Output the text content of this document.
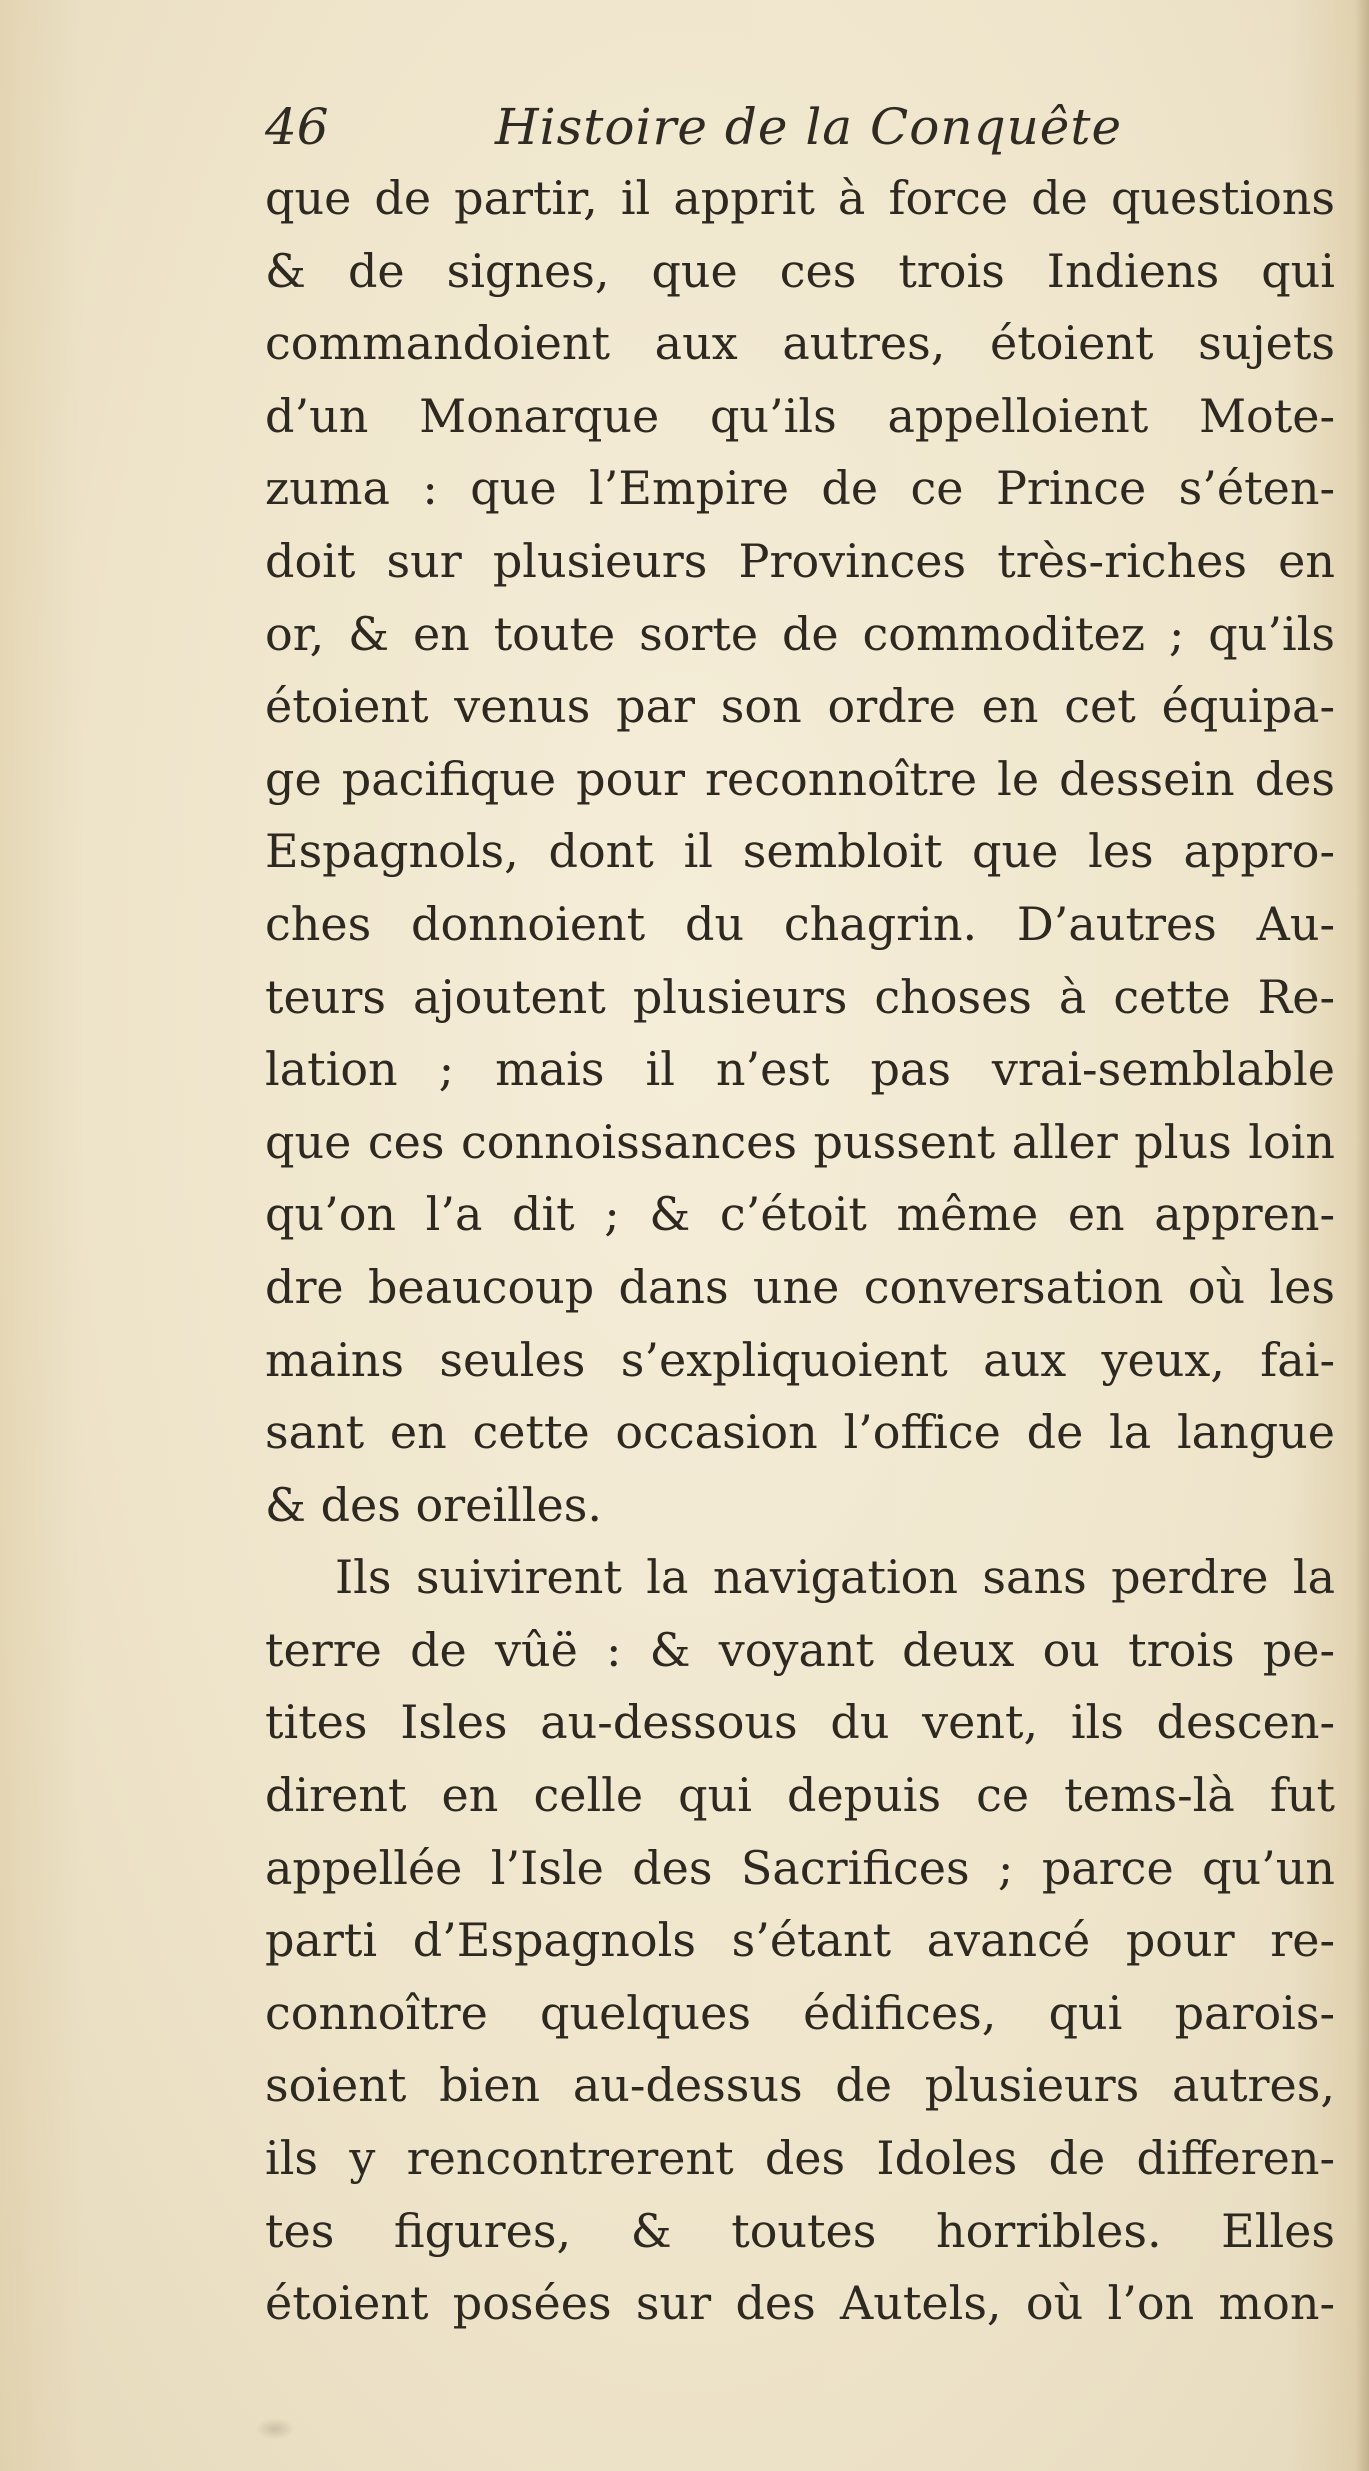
46	Histoire de la Conquête
que de partir, il apprit à force de questions
& de signes, que ces trois Indiens qui
commandoient aux autres, étoient sujets
d’un Monarque qu’ils appelloient Mote-
zuma : que l’Empire de ce Prince s’éten-
doit sur plusieurs Provinces très-riches en
or, & en toute sorte de commoditez ; qu’ils
étoient venus par son ordre en cet équipa-
ge pacifique pour reconnoître le dessein des
Espagnols, dont il sembloit que les appro-
ches donnoient du chagrin. D’autres Au-
teurs ajoutent plusieurs choses à cette Re-
lation ; mais il n’est pas vrai-semblable
que ces connoissances pussent aller plus loin
qu’on l’a dit ; & c’étoit même en appren-
dre beaucoup dans une conversation où les
mains seules s’expliquoient aux yeux, fai-
sant en cette occasion l’office de la langue
& des oreilles.
Ils suivirent la navigation sans perdre la
terre de vûë : & voyant deux ou trois pe-
tites Isles au-dessous du vent, ils descen-
dirent en celle qui depuis ce tems-là fut
appellée l’Isle des Sacrifices ; parce qu’un
parti d’Espagnols s’étant avancé pour re-
connoître quelques édifices, qui parois-
soient bien au-dessus de plusieurs autres,
ils y rencontrerent des Idoles de differen-
tes figures, & toutes horribles. Elles
étoient posées sur des Autels, où l’on mon-
